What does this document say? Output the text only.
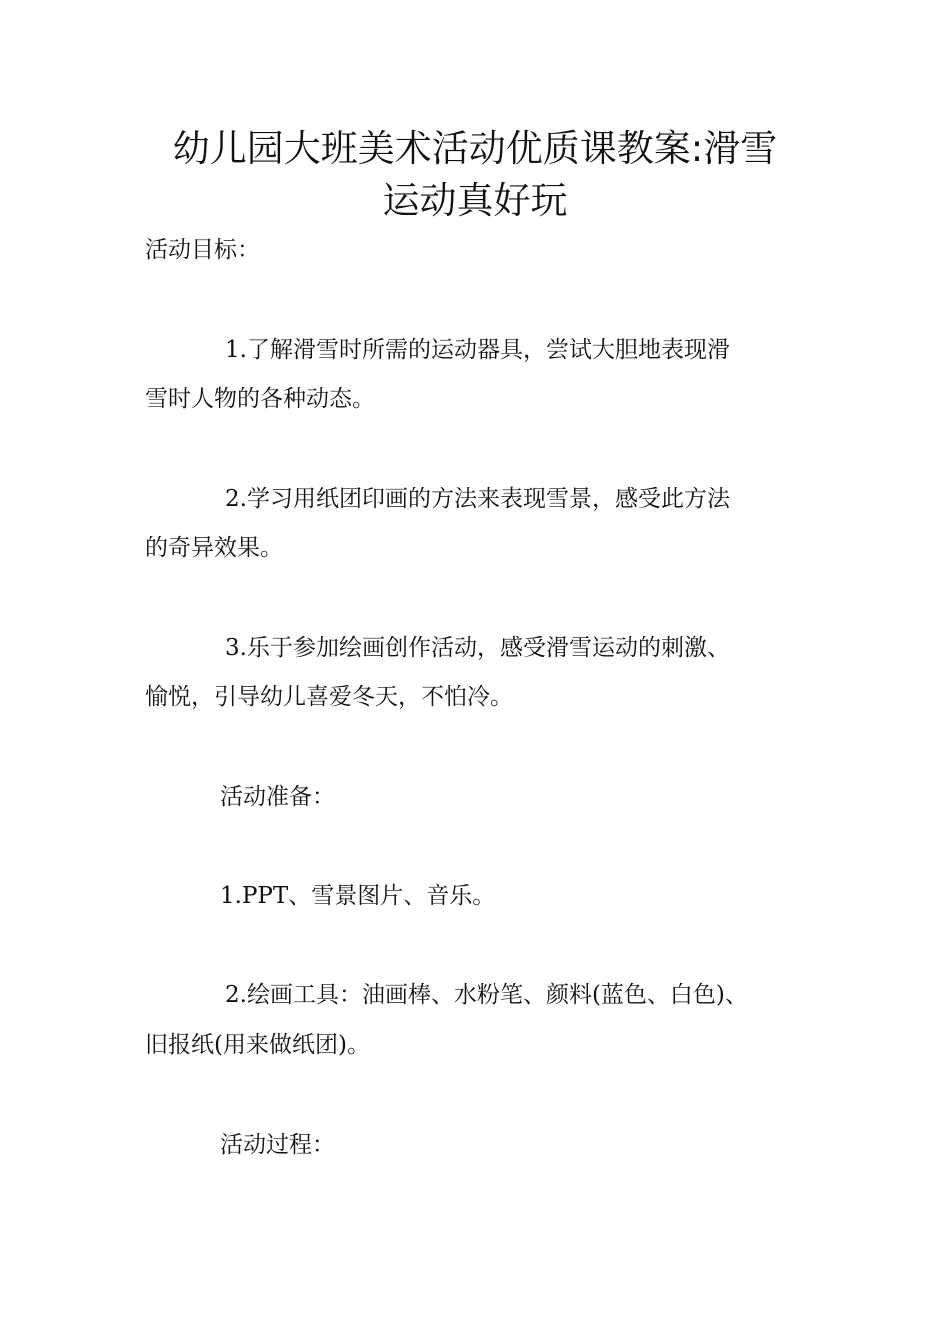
幼儿园大班美术活动优质课教案:滑雪
运动真好玩

活动目标：

1.了解滑雪时所需的运动器具，尝试大胆地表现滑

雪时人物的各种动态。

2.学习用纸团印画的方法来表现雪景，感受此方法

的奇异效果。

3.乐于参加绘画创作活动，感受滑雪运动的刺激、

愉悦，引导幼儿喜爱冬天，不怕冷。

活动准备：

1.PPT、雪景图片、音乐。

2.绘画工具：油画棒、水粉笔、颜料(蓝色、白色)、

旧报纸(用来做纸团)。

活动过程：
